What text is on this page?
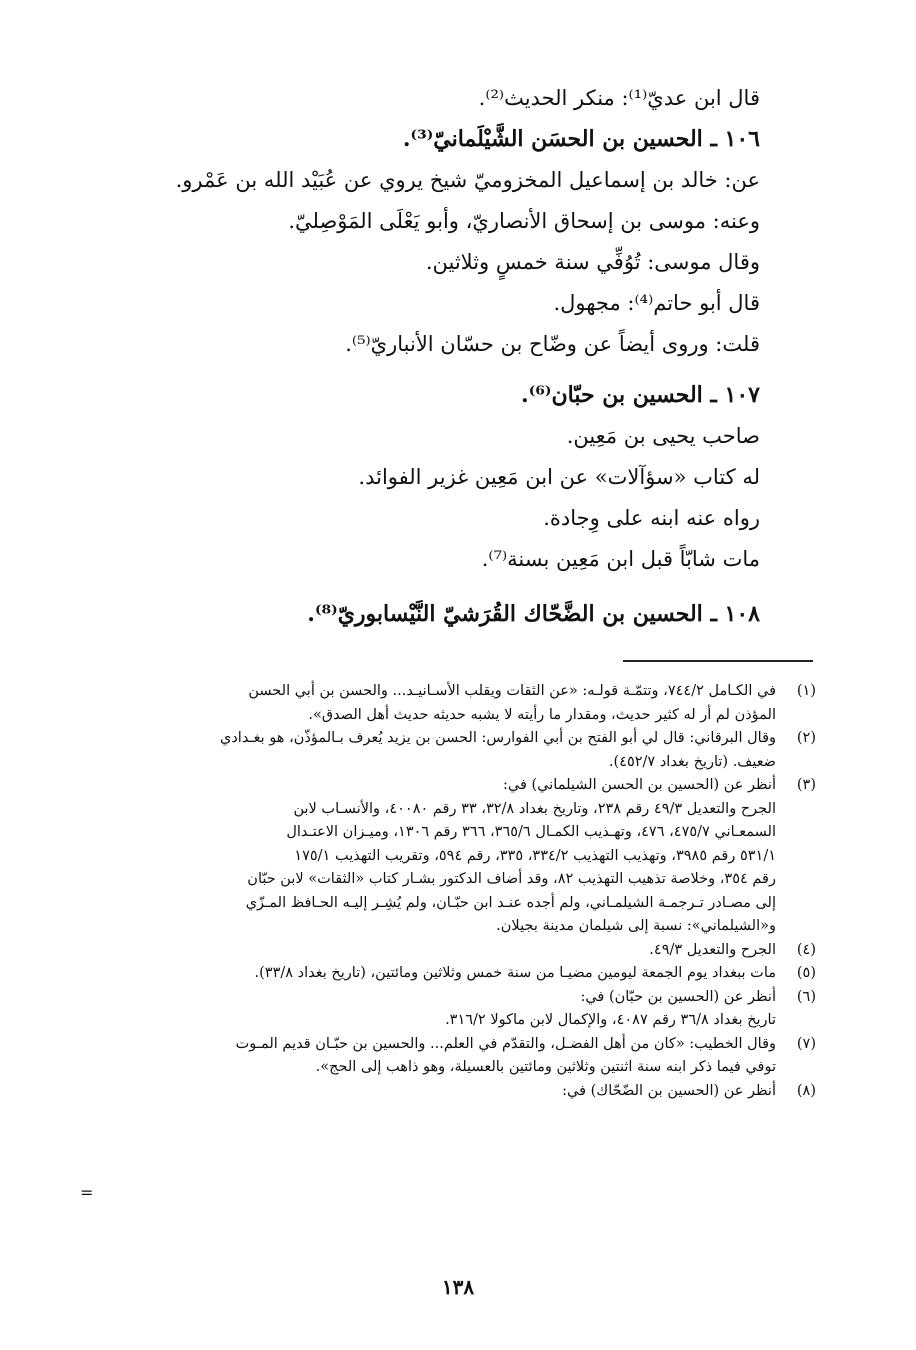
قال ابن عديّ⁽¹⁾: منكر الحديث⁽²⁾.
١٠٦ ـ الحسين بن الحسَن الشَّيْلَمانيّ⁽³⁾.
عن: خالد بن إسماعيل المخزوميّ شيخ يروي عن عُبَيْد الله بن عَمْرو.
وعنه: موسى بن إسحاق الأنصاريّ، وأبو يَعْلَى المَوْصِليّ.
وقال موسى: تُوُفِّي سنة خمسٍ وثلاثين.
قال أبو حاتم⁽⁴⁾: مجهول.
قلت: وروى أيضاً عن وضّاح بن حسّان الأنباريّ⁽⁵⁾.
١٠٧ ـ الحسين بن حبّان⁽⁶⁾.
صاحب يحيى بن مَعِين.
له كتاب «سؤآلات» عن ابن مَعِين غزير الفوائد.
رواه عنه ابنه على وِجادة.
مات شابّاً قبل ابن مَعِين بسنة⁽⁷⁾.
١٠٨ ـ الحسين بن الضَّحّاك القُرَشيّ النَّيْسابوريّ⁽⁸⁾.
(١)
في الكـامل ٧٤٤/٢، وتتمّـة قولـه: «عن الثقات ويقلب الأسـانيـد... والحسن بن أبي الحسن
المؤذن لم أر له كثير حديث، ومقدار ما رأيته لا يشبه حديثه حديث أهل الصدق».
(٢)
وقال البرقاني: قال لي أبو الفتح بن أبي الفوارس: الحسن بن يزيد يُعرف بـالمؤذّن، هو بغـدادي
ضعيف. (تاريخ بغداد ٤٥٢/٧).
(٣)
أنظر عن (الحسين بن الحسن الشيلماني) في:
الجرح والتعديل ٤٩/٣ رقم ٢٣٨، وتاريخ بغداد ٣٢/٨، ٣٣ رقم ٤٠٠٨٠، والأنسـاب لابن
السمعـاني ٤٧٥/٧، ٤٧٦، وتهـذيب الكمـال ٣٦٥/٦، ٣٦٦ رقم ١٣٠٦، وميـزان الاعتـدال
٥٣١/١ رقم ٣٩٨٥، وتهذيب التهذيب ٣٣٤/٢، ٣٣٥، رقم ٥٩٤، وتقريب التهذيب ١٧٥/١
رقم ٣٥٤، وخلاصة تذهيب التهذيب ٨٢، وقد أضاف الدكتور بشـار كتاب «الثقات» لابن حبّان
إلى مصـادر تـرجمـة الشيلمـاني، ولم أجده عنـد ابن حبّـان، ولم يُشِـر إليـه الحـافظ المـزّي
و«الشيلماني»: نسبة إلى شيلمان مدينة بجيلان.
(٤)
الجرح والتعديل ٤٩/٣.
(٥)
مات ببغداد يوم الجمعة ليومين مضيـا من سنة خمس وثلاثين ومائتين، (تاريخ بغداد ٣٣/٨).
(٦)
أنظر عن (الحسين بن حبّان) في:
تاريخ بغداد ٣٦/٨ رقم ٤٠٨٧، والإكمال لابن ماكولا ٣١٦/٢.
(٧)
وقال الخطيب: «كان من أهل الفضـل، والتقدّم في العلم... والحسين بن حبّـان قديم المـوت
توفي فيما ذكر ابنه سنة اثنتين وثلاثين ومائتين بالعسيلة، وهو ذاهب إلى الحج».
(٨)
أنظر عن (الحسين بن الضّحّاك) في:
=
١٣٨
